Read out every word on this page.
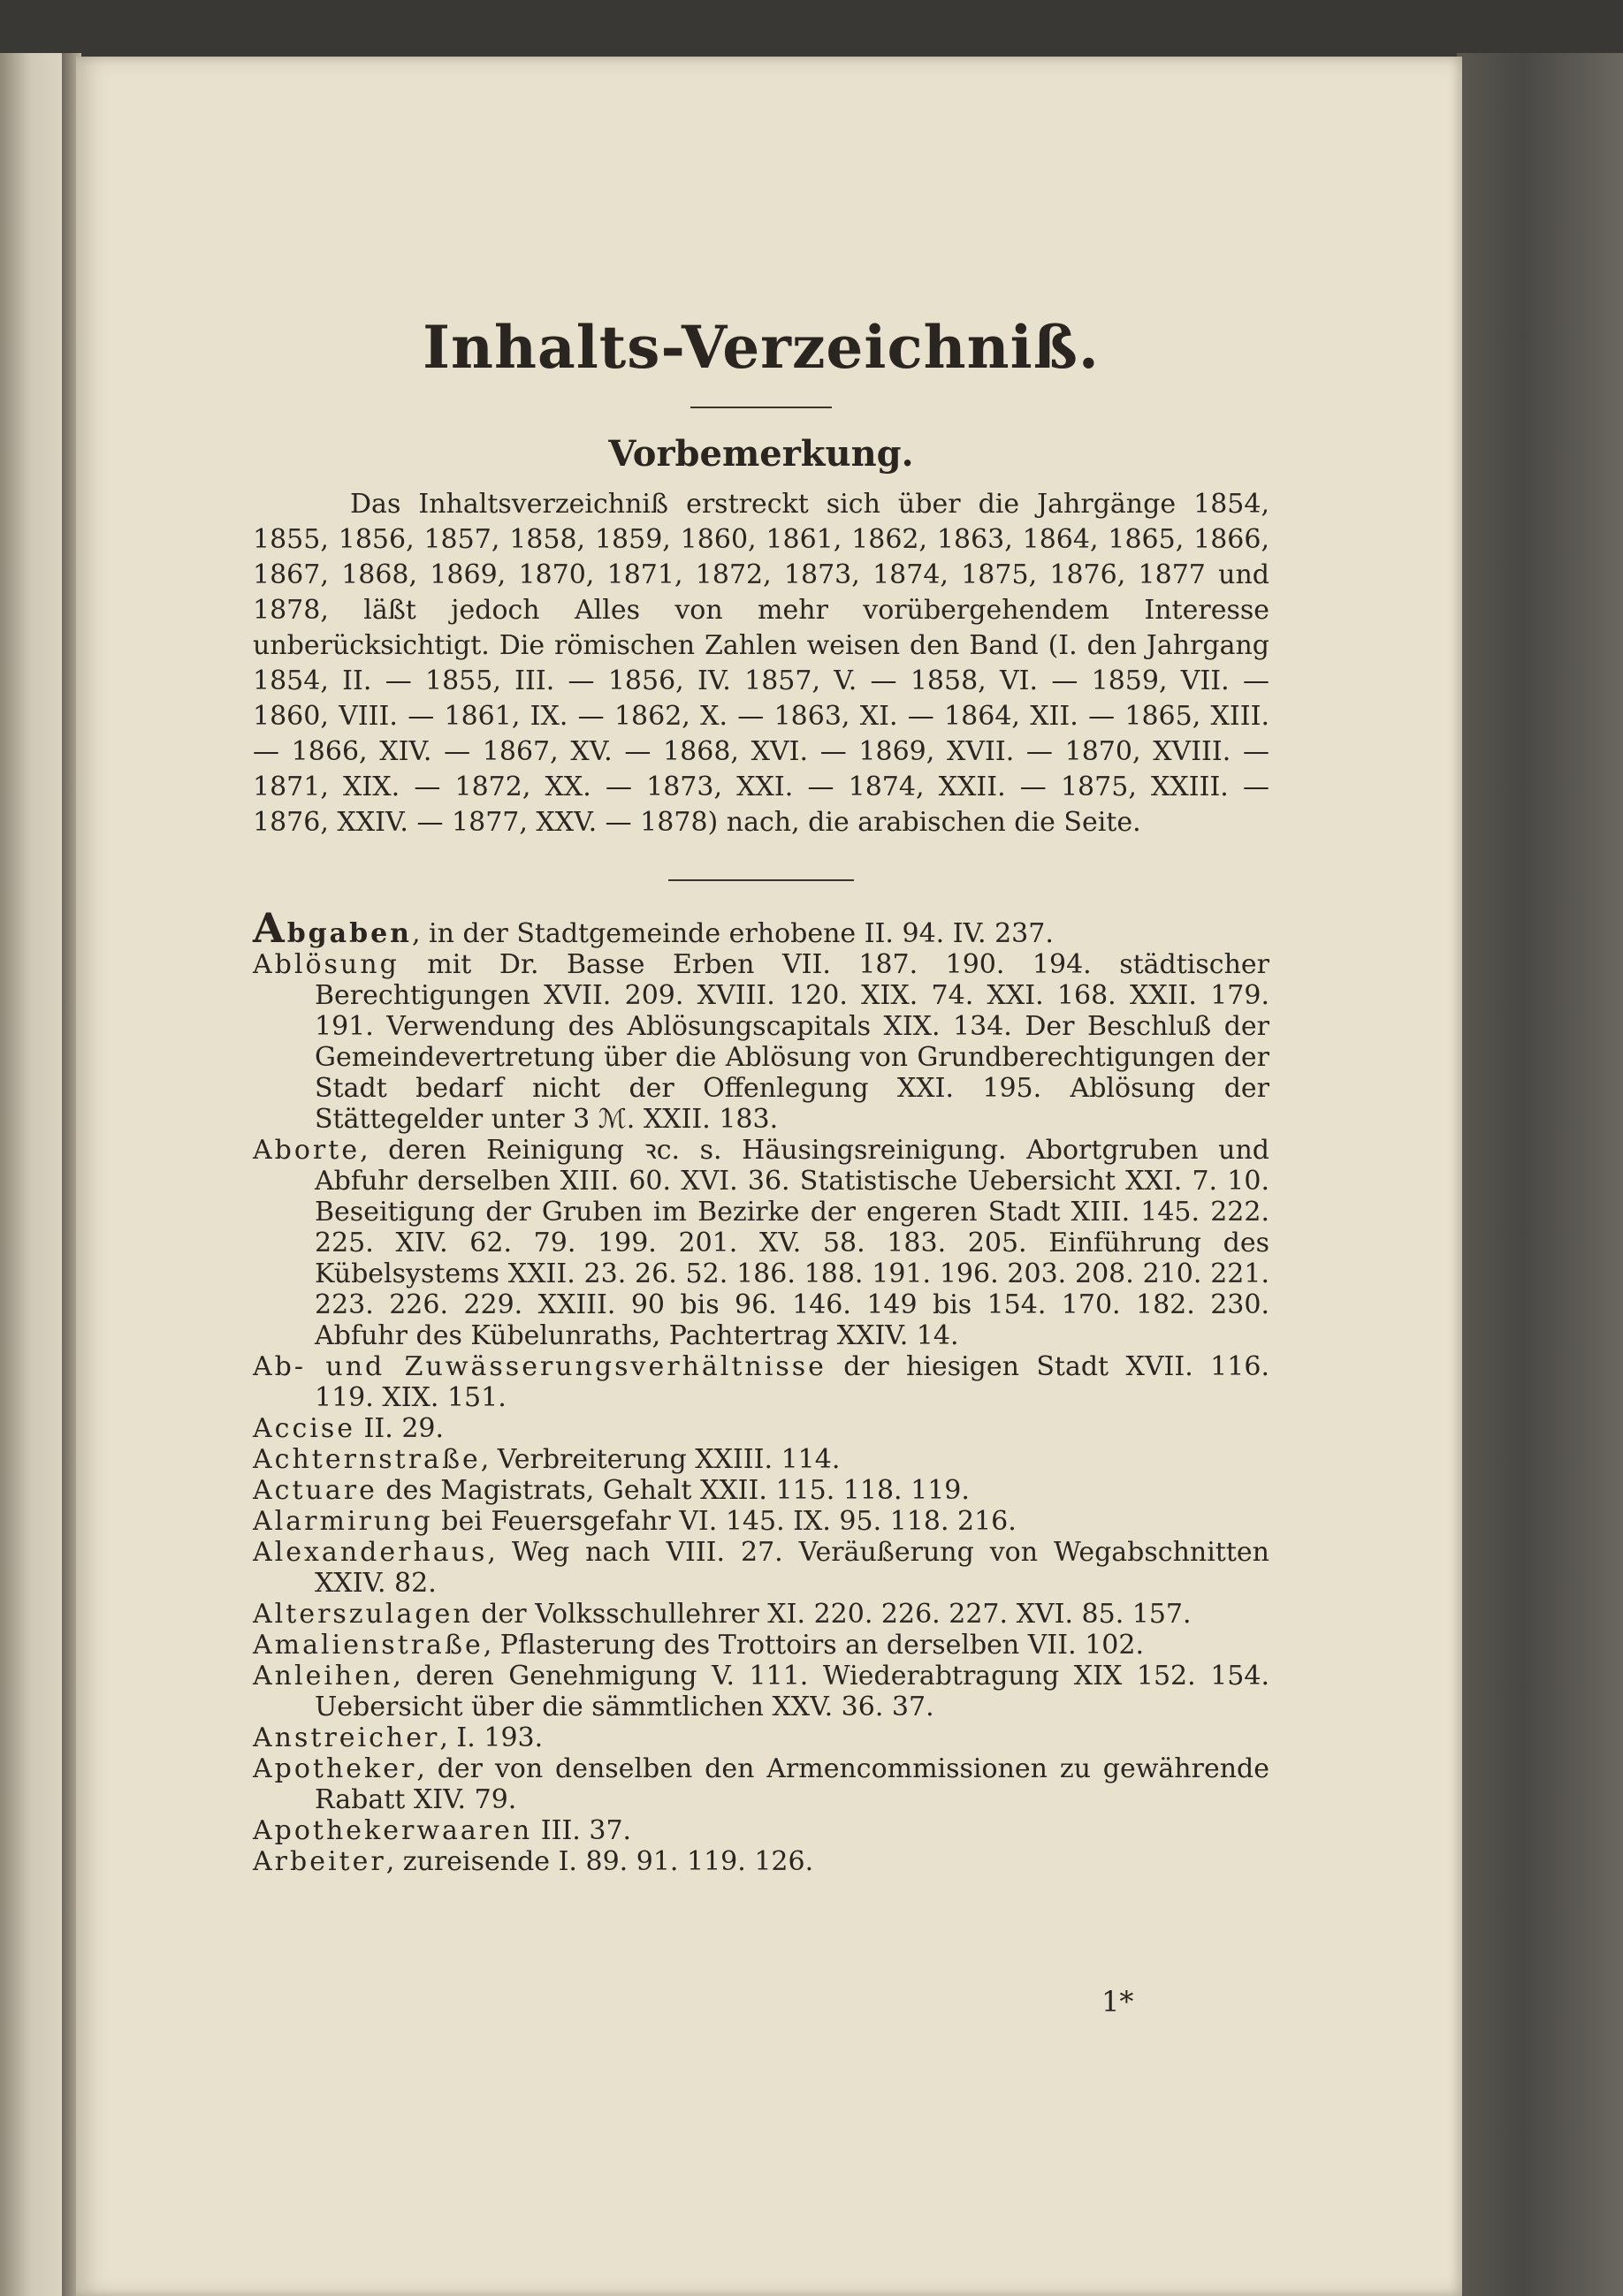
Inhalts-Verzeichniß.
Vorbemerkung.

Das Inhaltsverzeichniß erstreckt sich über die Jahrgänge 1854, 1855, 1856, 1857, 1858, 1859, 1860, 1861, 1862, 1863, 1864, 1865, 1866, 1867, 1868, 1869, 1870, 1871, 1872, 1873, 1874, 1875, 1876, 1877 und 1878, läßt jedoch Alles von mehr vorübergehendem Interesse unberücksichtigt. Die römischen Zahlen weisen den Band (I. den Jahrgang 1854, II. — 1855, III. — 1856, IV. 1857, V. — 1858, VI. — 1859, VII. — 1860, VIII. — 1861, IX. — 1862, X. — 1863, XI. — 1864, XII. — 1865, XIII. — 1866, XIV. — 1867, XV. — 1868, XVI. — 1869, XVII. — 1870, XVIII. — 1871, XIX. — 1872, XX. — 1873, XXI. — 1874, XXII. — 1875, XXIII. — 1876, XXIV. — 1877, XXV. — 1878) nach, die arabischen die Seite.

Abgaben, in der Stadtgemeinde erhobene II. 94. IV. 237.

Ablösung mit Dr. Basse Erben VII. 187. 190. 194. städtischer Berechtigungen XVII. 209. XVIII. 120. XIX. 74. XXI. 168. XXII. 179. 191. Verwendung des Ablösungscapitals XIX. 134. Der Beschluß der Gemeindevertretung über die Ablösung von Grundberechtigungen der Stadt bedarf nicht der Offenlegung XXI. 195. Ablösung der Stättegelder unter 3 ℳ. XXII. 183.

Aborte, deren Reinigung ꝛc. s. Häusingsreinigung. Abortgruben und Abfuhr derselben XIII. 60. XVI. 36. Statistische Uebersicht XXI. 7. 10. Beseitigung der Gruben im Bezirke der engeren Stadt XIII. 145. 222. 225. XIV. 62. 79. 199. 201. XV. 58. 183. 205. Einführung des Kübelsystems XXII. 23. 26. 52. 186. 188. 191. 196. 203. 208. 210. 221. 223. 226. 229. XXIII. 90 bis 96. 146. 149 bis 154. 170. 182. 230. Abfuhr des Kübelunraths, Pachtertrag XXIV. 14.

Ab- und Zuwässerungsverhältnisse der hiesigen Stadt XVII. 116. 119. XIX. 151.

Accise II. 29.

Achternstraße, Verbreiterung XXIII. 114.

Actuare des Magistrats, Gehalt XXII. 115. 118. 119.

Alarmirung bei Feuersgefahr VI. 145. IX. 95. 118. 216.

Alexanderhaus, Weg nach VIII. 27. Veräußerung von Wegabschnitten XXIV. 82.

Alterszulagen der Volksschullehrer XI. 220. 226. 227. XVI. 85. 157.

Amalienstraße, Pflasterung des Trottoirs an derselben VII. 102.

Anleihen, deren Genehmigung V. 111. Wiederabtragung XIX 152. 154. Uebersicht über die sämmtlichen XXV. 36. 37.

Anstreicher, I. 193.

Apotheker, der von denselben den Armencommissionen zu gewährende Rabatt XIV. 79.

Apothekerwaaren III. 37.

Arbeiter, zureisende I. 89. 91. 119. 126.

1*
